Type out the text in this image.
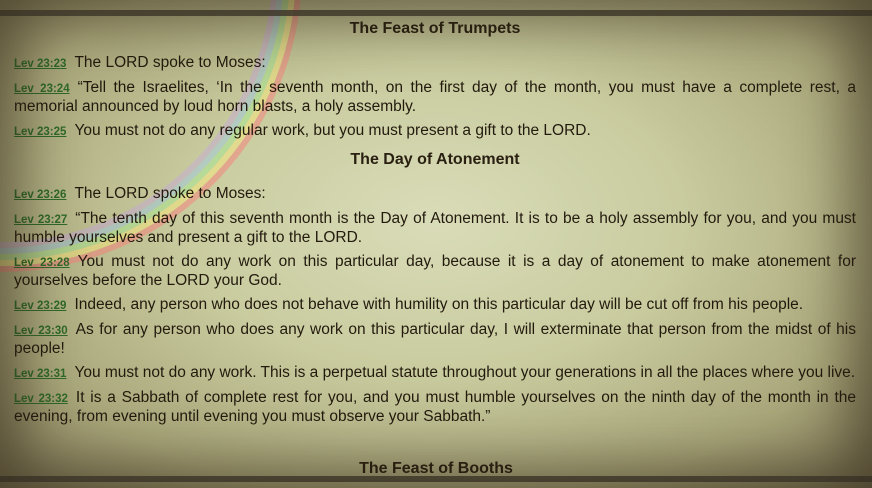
The Feast of Trumpets

Lev 23:23 The LORD spoke to Moses:

Lev 23:24 “Tell the Israelites, ‘In the seventh month, on the first day of the month, you must have a complete rest, a memorial announced by loud horn blasts, a holy assembly.

Lev 23:25 You must not do any regular work, but you must present a gift to the LORD.

The Day of Atonement

Lev 23:26 The LORD spoke to Moses:

Lev 23:27 “The tenth day of this seventh month is the Day of Atonement. It is to be a holy assembly for you, and you must humble yourselves and present a gift to the LORD.

Lev 23:28 You must not do any work on this particular day, because it is a day of atonement to make atonement for yourselves before the LORD your God.

Lev 23:29 Indeed, any person who does not behave with humility on this particular day will be cut off from his people.

Lev 23:30 As for any person who does any work on this particular day, I will exterminate that person from the midst of his people!

Lev 23:31 You must not do any work. This is a perpetual statute throughout your generations in all the places where you live.

Lev 23:32 It is a Sabbath of complete rest for you, and you must humble yourselves on the ninth day of the month in the evening, from evening until evening you must observe your Sabbath.”

The Feast of Booths
